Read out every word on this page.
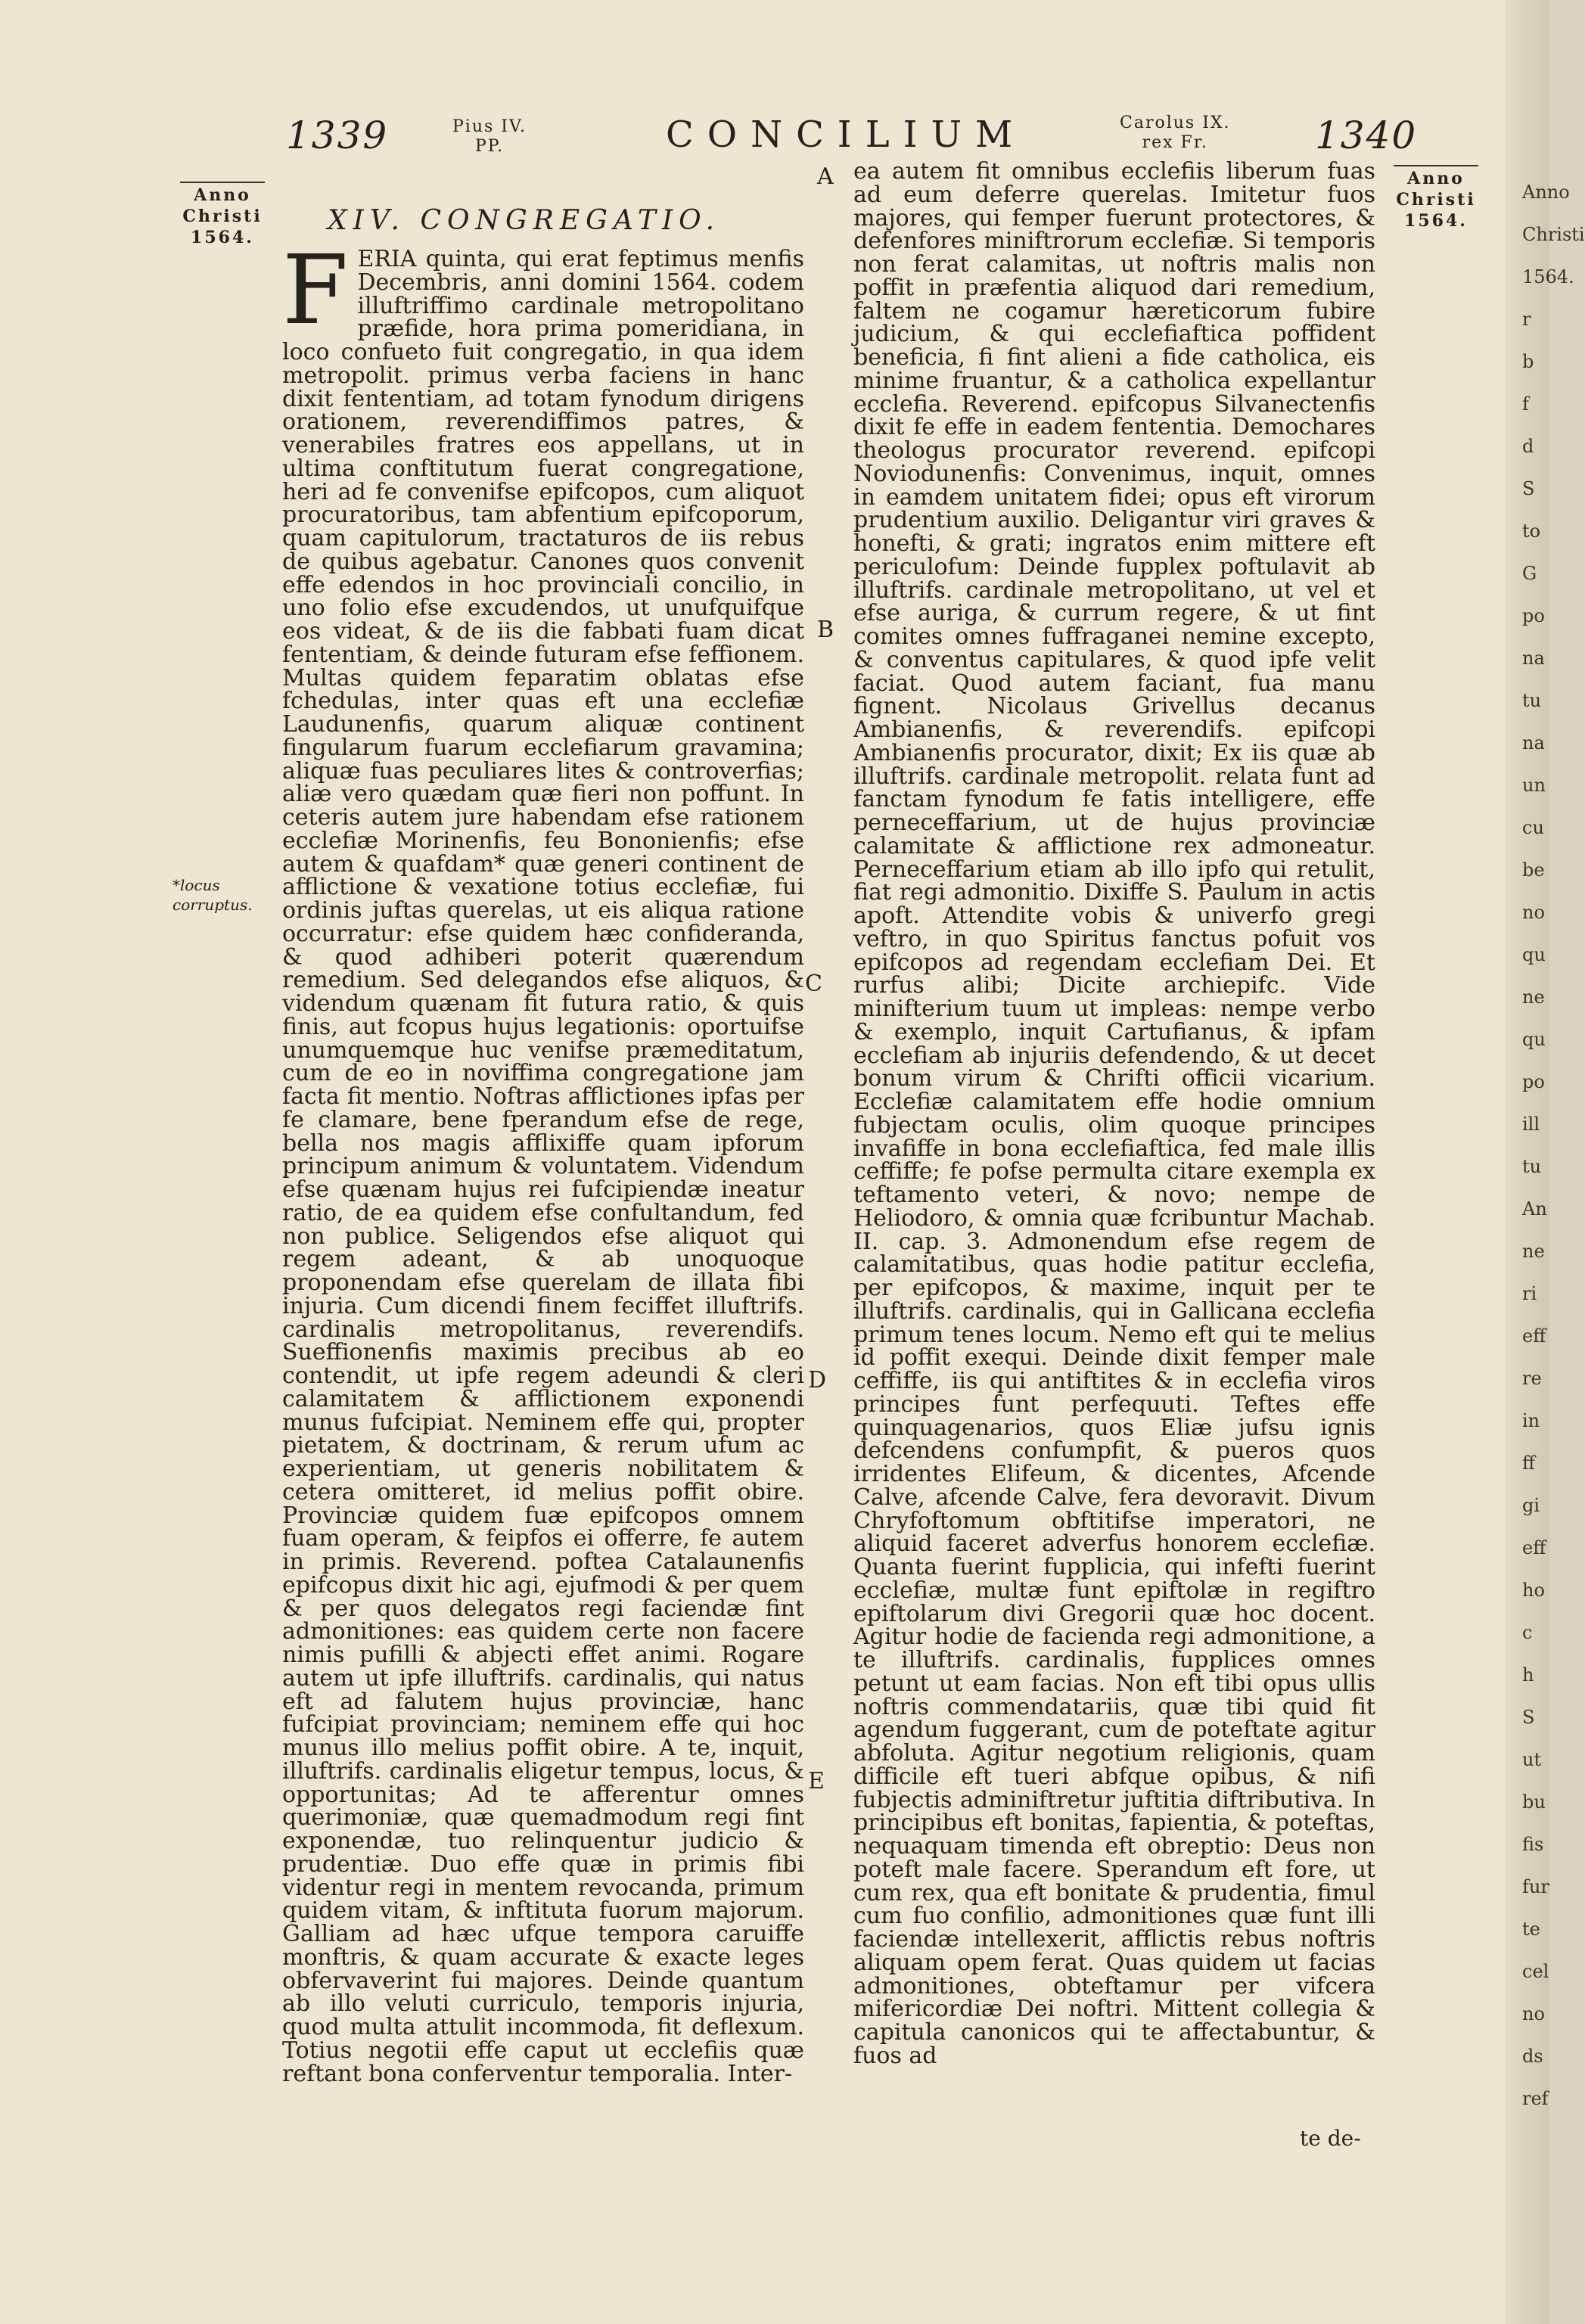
1339	Pius IV.
PP.	CONCILIUM	Carolus IX.
rex Fr.	1340
Anno
Christi
1564.
Anno
Christi
1564.
*locus corruptus.
A
B
C
D
E
XIV. CONGREGATIO.

FERIA quinta, qui erat feptimus menfis Decembris, anni domini 1564. codem illuftriffimo cardinale metropolitano præfide, hora prima pomeridiana, in loco confueto fuit congregatio, in qua idem metropolit. primus verba faciens in hanc dixit fententiam, ad totam fynodum dirigens orationem, reverendiffimos patres, & venerabiles fratres eos appellans, ut in ultima conftitutum fuerat congregatione, heri ad fe convenifse epifcopos, cum aliquot procuratoribus, tam abfentium epifcoporum, quam capitulorum, tractaturos de iis rebus de quibus agebatur. Canones quos convenit effe edendos in hoc provinciali concilio, in uno folio efse excudendos, ut unufquifque eos videat, & de iis die fabbati fuam dicat fententiam, & deinde futuram efse feffionem. Multas quidem feparatim oblatas efse fchedulas, inter quas eft una ecclefiæ Laudunenfis, quarum aliquæ continent fingularum fuarum ecclefiarum gravamina; aliquæ fuas peculiares lites & controverfias; aliæ vero quædam quæ fieri non poffunt. In ceteris autem jure habendam efse rationem ecclefiæ Morinenfis, feu Bononienfis; efse autem & quafdam* quæ generi continent de afflictione & vexatione totius ecclefiæ, fui ordinis juftas querelas, ut eis aliqua ratione occurratur: efse quidem hæc confideranda, & quod adhiberi poterit quærendum remedium. Sed delegandos efse aliquos, & videndum quænam fit futura ratio, & quis finis, aut fcopus hujus legationis: oportuifse unumquemque huc venifse præmeditatum, cum de eo in noviffima congregatione jam facta fit mentio. Noftras afflictiones ipfas per fe clamare, bene fperandum efse de rege, bella nos magis afflixiffe quam ipforum principum animum & voluntatem. Videndum efse quænam hujus rei fufcipiendæ ineatur ratio, de ea quidem efse confultandum, fed non publice. Seligendos efse aliquot qui regem adeant, & ab unoquoque proponendam efse querelam de illata fibi injuria. Cum dicendi finem feciffet illuftrifs. cardinalis metropolitanus, reverendifs. Sueffionenfis maximis precibus ab eo contendit, ut ipfe regem adeundi & cleri calamitatem & afflictionem exponendi munus fufcipiat. Neminem effe qui, propter pietatem, & doctrinam, & rerum ufum ac experientiam, ut generis nobilitatem & cetera omitteret, id melius poffit obire. Provinciæ quidem fuæ epifcopos omnem fuam operam, & feipfos ei offerre, fe autem in primis. Reverend. poftea Catalaunenfis epifcopus dixit hic agi, ejufmodi & per quem & per quos delegatos regi faciendæ fint admonitiones: eas quidem certe non facere nimis pufilli & abjecti effet animi. Rogare autem ut ipfe illuftrifs. cardinalis, qui natus eft ad falutem hujus provinciæ, hanc fufcipiat provinciam; neminem effe qui hoc munus illo melius poffit obire. A te, inquit, illuftrifs. cardinalis eligetur tempus, locus, & opportunitas; Ad te afferentur omnes querimoniæ, quæ quemadmodum regi fint exponendæ, tuo relinquentur judicio & prudentiæ. Duo effe quæ in primis fibi videntur regi in mentem revocanda, primum quidem vitam, & inftituta fuorum majorum. Galliam ad hæc ufque tempora caruiffe monftris, & quam accurate & exacte leges obfervaverint fui majores. Deinde quantum ab illo veluti curriculo, temporis injuria, quod multa attulit incommoda, fit deflexum. Totius negotii effe caput ut ecclefiis quæ reftant bona conferventur temporalia. Inter-

ea autem fit omnibus ecclefiis liberum fuas ad eum deferre querelas. Imitetur fuos majores, qui femper fuerunt protectores, & defenfores miniftrorum ecclefiæ. Si temporis non ferat calamitas, ut noftris malis non poffit in præfentia aliquod dari remedium, faltem ne cogamur hæreticorum fubire judicium, & qui ecclefiaftica poffident beneficia, fi fint alieni a fide catholica, eis minime fruantur, & a catholica expellantur ecclefia. Reverend. epifcopus Silvanectenfis dixit fe effe in eadem fententia. Demochares theologus procurator reverend. epifcopi Noviodunenfis: Convenimus, inquit, omnes in eamdem unitatem fidei; opus eft virorum prudentium auxilio. Deligantur viri graves & honefti, & grati; ingratos enim mittere eft periculofum: Deinde fupplex poftulavit ab illuftrifs. cardinale metropolitano, ut vel et efse auriga, & currum regere, & ut fint comites omnes fuffraganei nemine excepto, & conventus capitulares, & quod ipfe velit faciat. Quod autem faciant, fua manu fignent. Nicolaus Grivellus decanus Ambianenfis, & reverendifs. epifcopi Ambianenfis procurator, dixit; Ex iis quæ ab illuftrifs. cardinale metropolit. relata funt ad fanctam fynodum fe fatis intelligere, effe perneceffarium, ut de hujus provinciæ calamitate & afflictione rex admoneatur. Perneceffarium etiam ab illo ipfo qui retulit, fiat regi admonitio. Dixiffe S. Paulum in actis apoft. Attendite vobis & univerfo gregi veftro, in quo Spiritus fanctus pofuit vos epifcopos ad regendam ecclefiam Dei. Et rurfus alibi; Dicite archiepifc. Vide minifterium tuum ut impleas: nempe verbo & exemplo, inquit Cartufianus, & ipfam ecclefiam ab injuriis defendendo, & ut decet bonum virum & Chrifti officii vicarium. Ecclefiæ calamitatem effe hodie omnium fubjectam oculis, olim quoque principes invafiffe in bona ecclefiaftica, fed male illis ceffiffe; fe pofse permulta citare exempla ex teftamento veteri, & novo; nempe de Heliodoro, & omnia quæ fcribuntur Machab. II. cap. 3. Admonendum efse regem de calamitatibus, quas hodie patitur ecclefia, per epifcopos, & maxime, inquit per te illuftrifs. cardinalis, qui in Gallicana ecclefia primum tenes locum. Nemo eft qui te melius id poffit exequi. Deinde dixit femper male ceffiffe, iis qui antiftites & in ecclefia viros principes funt perfequuti. Teftes effe quinquagenarios, quos Eliæ jufsu ignis defcendens confumpfit, & pueros quos irridentes Elifeum, & dicentes, Afcende Calve, afcende Calve, fera devoravit. Divum Chryfoftomum obftitifse imperatori, ne aliquid faceret adverfus honorem ecclefiæ. Quanta fuerint fupplicia, qui infefti fuerint ecclefiæ, multæ funt epiftolæ in regiftro epiftolarum divi Gregorii quæ hoc docent. Agitur hodie de facienda regi admonitione, a te illuftrifs. cardinalis, fupplices omnes petunt ut eam facias. Non eft tibi opus ullis noftris commendatariis, quæ tibi quid fit agendum fuggerant, cum de poteftate agitur abfoluta. Agitur negotium religionis, quam difficile eft tueri abfque opibus, & nifi fubjectis adminiftretur juftitia diftributiva. In principibus eft bonitas, fapientia, & poteftas, nequaquam timenda eft obreptio: Deus non poteft male facere. Sperandum eft fore, ut cum rex, qua eft bonitate & prudentia, fimul cum fuo confilio, admonitiones quæ funt illi faciendæ intellexerit, afflictis rebus noftris aliquam opem ferat. Quas quidem ut facias admonitiones, obteftamur per vifcera mifericordiæ Dei noftri. Mittent collegia & capitula canonicos qui te affectabuntur, & fuos ad

te de-
Anno
Christi
1564.
r
b
f
d
S
to
G
po
na
tu
na
un
cu
be
no
qu
ne
qu
po
ill
tu
An
ne
ri
eff
re
in
ff
gi
eff
ho
c
h
S
ut
bu
fis
fur
te
cel
no
ds
ref
